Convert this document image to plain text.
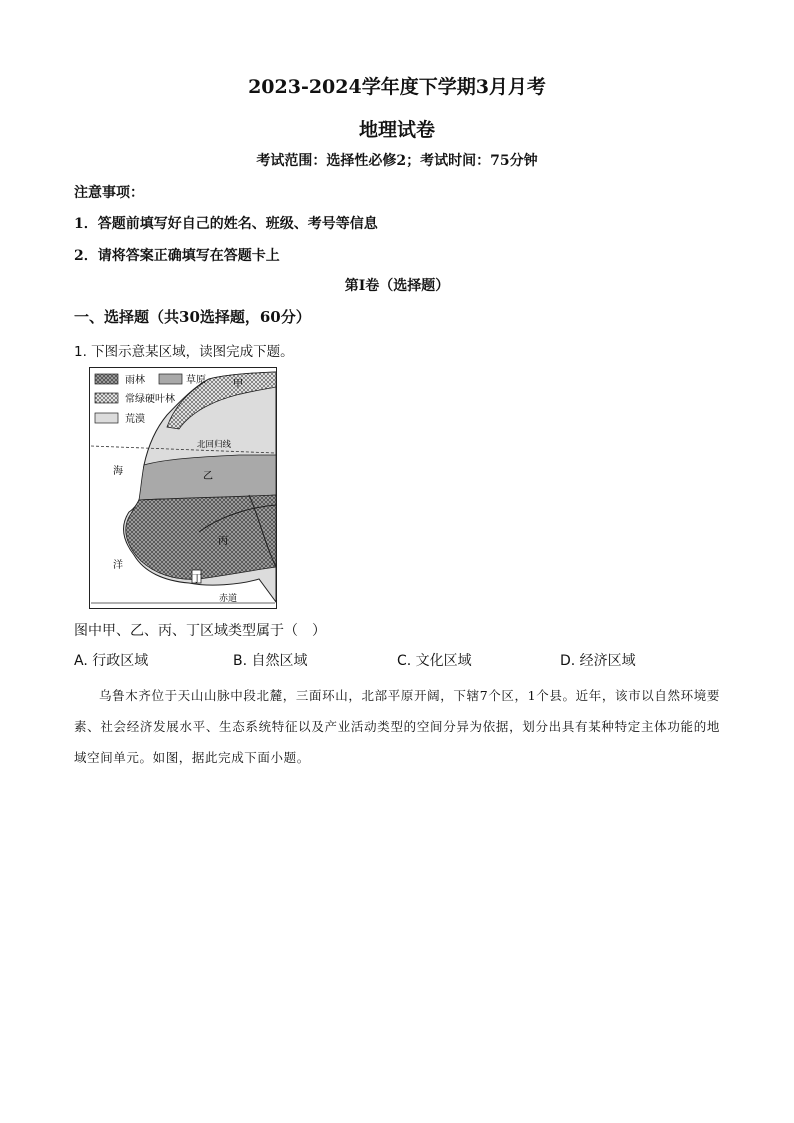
2023-2024学年度下学期3月月考
地理试卷
考试范围：选择性必修2；考试时间：75分钟
注意事项：
1．答题前填写好自己的姓名、班级、考号等信息
2．请将答案正确填写在答题卡上
第I卷（选择题）
一、选择题（共30选择题，60分）
1. 下图示意某区域，读图完成下题。
雨林	草原
常绿硬叶林
荒漠
甲
北回归线
乙
丙
丁
海
洋
赤道
图中甲、乙、丙、丁区域类型属于（　）
A. 行政区域	B. 自然区域	C. 文化区域	D. 经济区域
乌鲁木齐位于天山山脉中段北麓，三面环山，北部平原开阔，下辖7个区，1个县。近年，该市以自然环境要素、社会经济发展水平、生态系统特征以及产业活动类型的空间分异为依据，划分出具有某种特定主体功能的地域空间单元。如图，据此完成下面小题。
